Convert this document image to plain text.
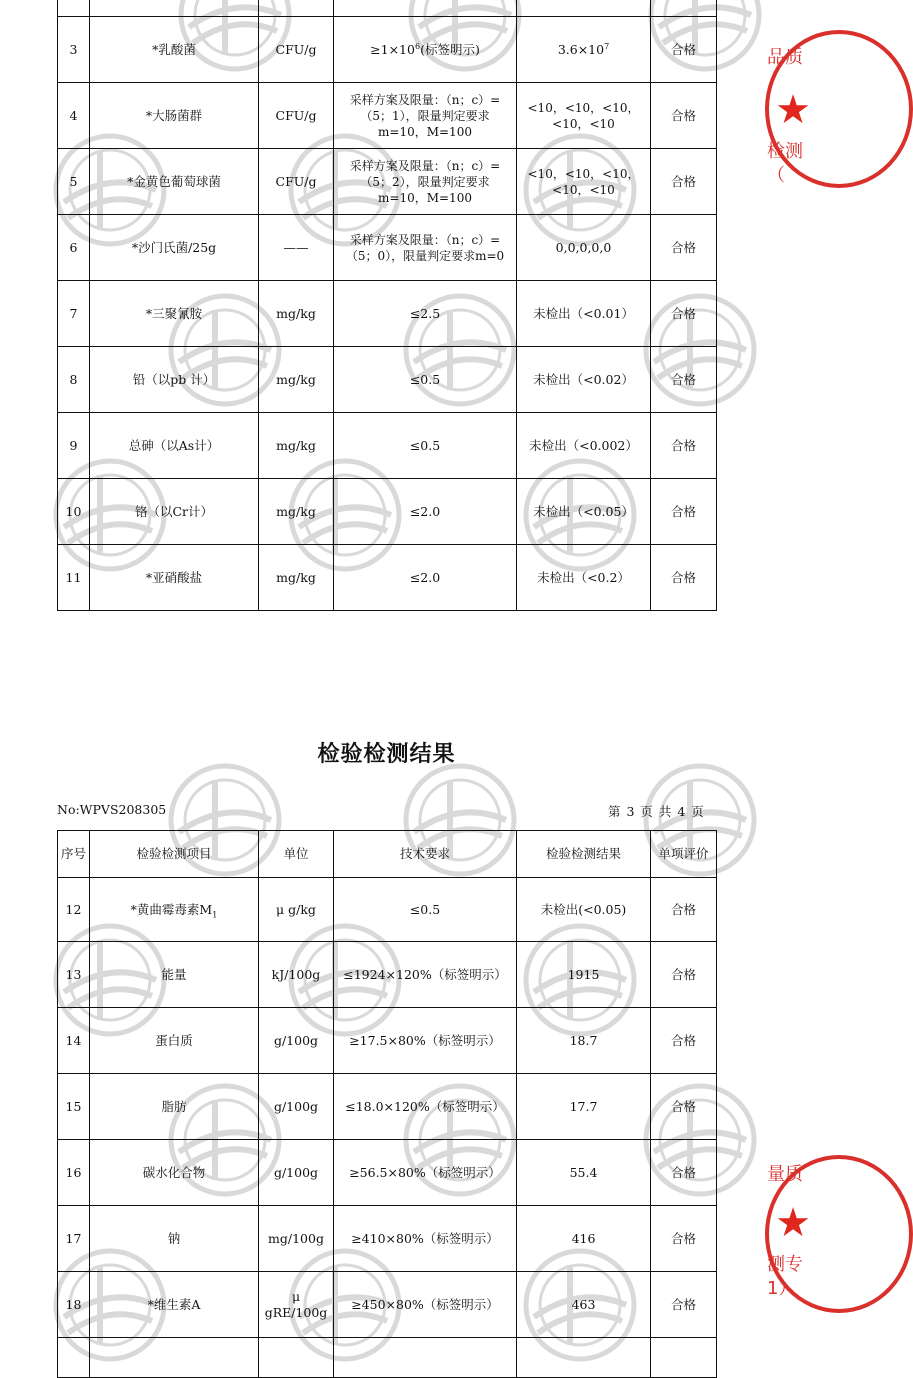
3	*乳酸菌	CFU/g	$\ge 1\times 10^6$(标签明示)	$3.6\times 10^7$	合格
4	*大肠菌群	CFU/g	采样方案及限量：（n；c）=（5；1），限量判定要求m=10，M=100	<10，<10，<10，<10，<10	合格
5	*金黄色葡萄球菌	CFU/g	采样方案及限量：（n；c）=（5；2），限量判定要求m=10，M=100	<10，<10，<10，<10，<10	合格
6	*沙门氏菌/25g	——	采样方案及限量：（n；c）=（5；0），限量判定要求m=0	0,0,0,0,0	合格
7	*三聚氰胺	mg/kg	≤2.5	未检出（<0.01）	合格
8	铅（以pb 计）	mg/kg	≤0.5	未检出（<0.02）	合格
9	总砷（以As计）	mg/kg	≤0.5	未检出（<0.002）	合格
10	铬（以Cr计）	mg/kg	≤2.0	未检出（<0.05）	合格
11	*亚硝酸盐	mg/kg	≤2.0	未检出（<0.2）	合格
检验检测结果
No:WPVS208305	第 3 页 共 4 页
序号	检验检测项目	单位	技术要求	检验检测结果	单项评价
12	*黄曲霉毒素$M_1$	μ g/kg	≤0.5	未检出(<0.05)	合格
13	能量	kJ/100g	≤1924×120%（标签明示）	1915	合格
14	蛋白质	g/100g	≥17.5×80%（标签明示）	18.7	合格
15	脂肪	g/100g	≤18.0×120%（标签明示）	17.7	合格
16	碳水化合物	g/100g	≥56.5×80%（标签明示）	55.4	合格
17	钠	mg/100g	≥410×80%（标签明示）	416	合格
18	*维生素A	μ gRE/100g	≥450×80%（标签明示）	463	合格

品质
★
检测
（
量质
★
测专
1）
